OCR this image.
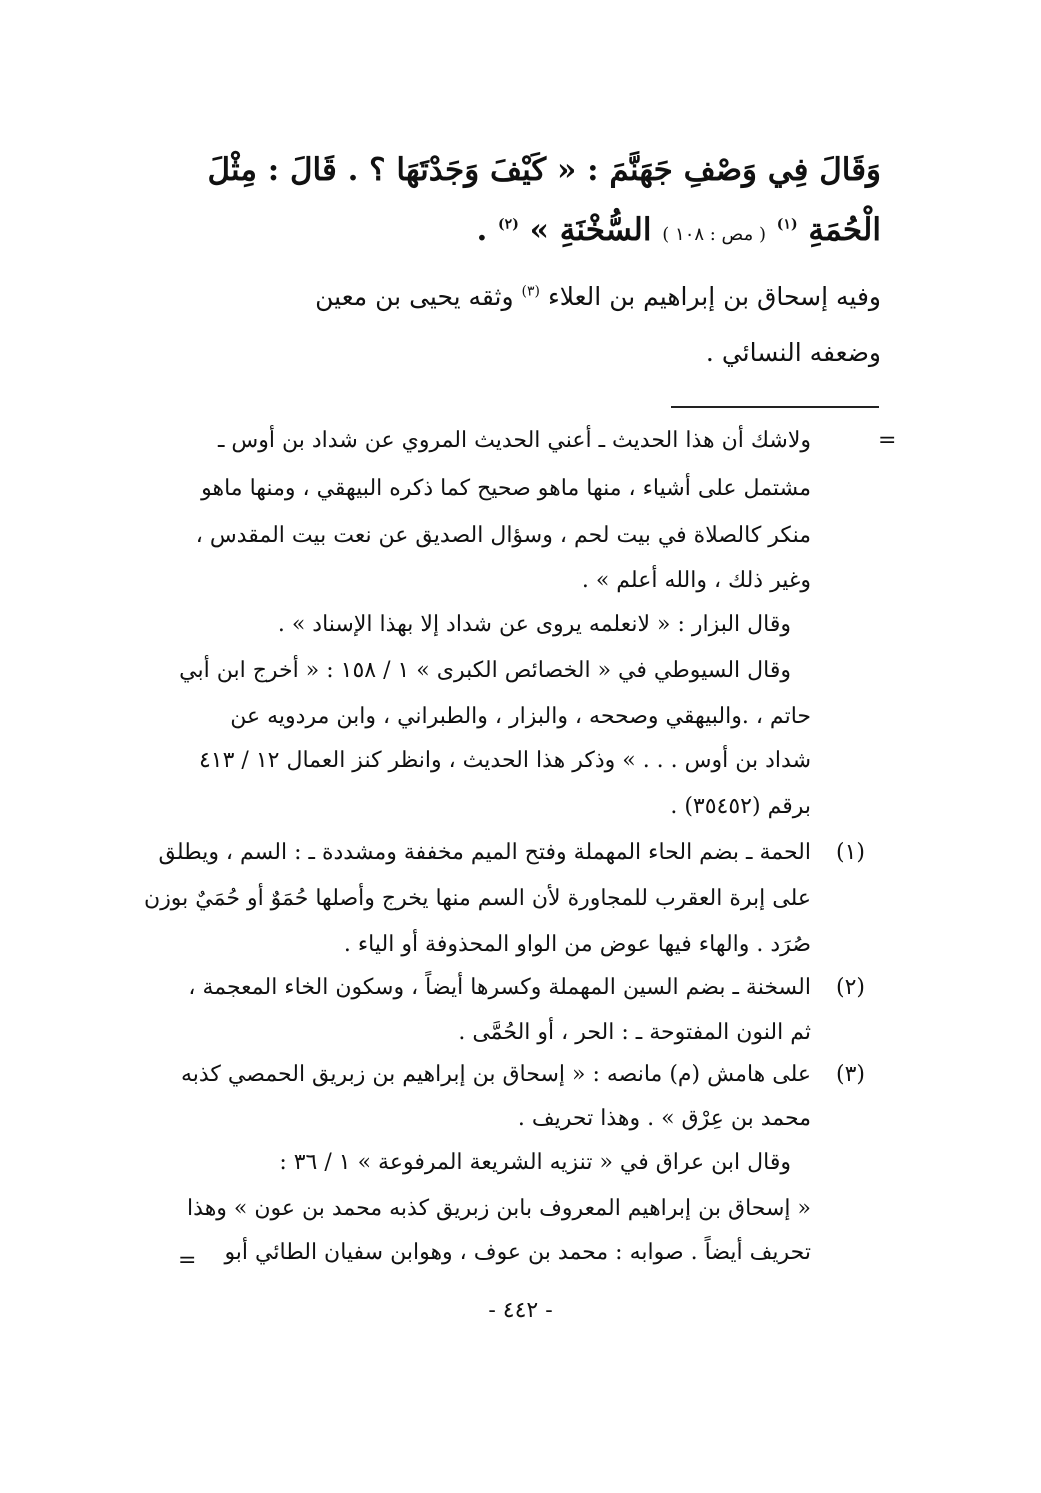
وَقَالَ فِي وَصْفِ جَهَنَّمَ : « كَيْفَ وَجَدْتَهَا ؟ . قَالَ : مِثْلَ
الْحُمَةِ $^{(١)}$ ( مص : ١٠٨ ) السُّخْنَةِ » $^{(٢)}$ .
وفيه إسحاق بن إبراهيم بن العلاء $^{(٣)}$ وثقه يحيى بن معين
وضعفه النسائي .
=
ولاشك أن هذا الحديث ـ أعني الحديث المروي عن شداد بن أوس ـ
مشتمل على أشياء ، منها ماهو صحيح كما ذكره البيهقي ، ومنها ماهو
منكر كالصلاة في بيت لحم ، وسؤال الصديق عن نعت بيت المقدس ،
وغير ذلك ، والله أعلم » .
وقال البزار : « لانعلمه يروى عن شداد إلا بهذا الإسناد » .
وقال السيوطي في « الخصائص الكبرى » ١ / ١٥٨ : « أخرج ابن أبي
حاتم ، .والبيهقي وصححه ، والبزار ، والطبراني ، وابن مردويه عن
شداد بن أوس . . . » وذكر هذا الحديث ، وانظر كنز العمال ١٢ / ٤١٣
برقم (٣٥٤٥٢) .
(١)
الحمة ـ بضم الحاء المهملة وفتح الميم مخففة ومشددة ـ : السم ، ويطلق
على إبرة العقرب للمجاورة لأن السم منها يخرج وأصلها حُمَوٌ أو حُمَيٌ بوزن
صُرَد . والهاء فيها عوض من الواو المحذوفة أو الياء .
(٢)
السخنة ـ بضم السين المهملة وكسرها أيضاً ، وسكون الخاء المعجمة ،
ثم النون المفتوحة ـ : الحر ، أو الحُمَّى .
(٣)
على هامش (م) مانصه : « إسحاق بن إبراهيم بن زبريق الحمصي كذبه
محمد بن عِرْق » . وهذا تحريف .
وقال ابن عراق في « تنزيه الشريعة المرفوعة » ١ / ٣٦ :
« إسحاق بن إبراهيم المعروف بابن زبريق كذبه محمد بن عون » وهذا
تحريف أيضاً . صوابه : محمد بن عوف ، وهوابن سفيان الطائي أبو
=
- ٤٤٢ -
